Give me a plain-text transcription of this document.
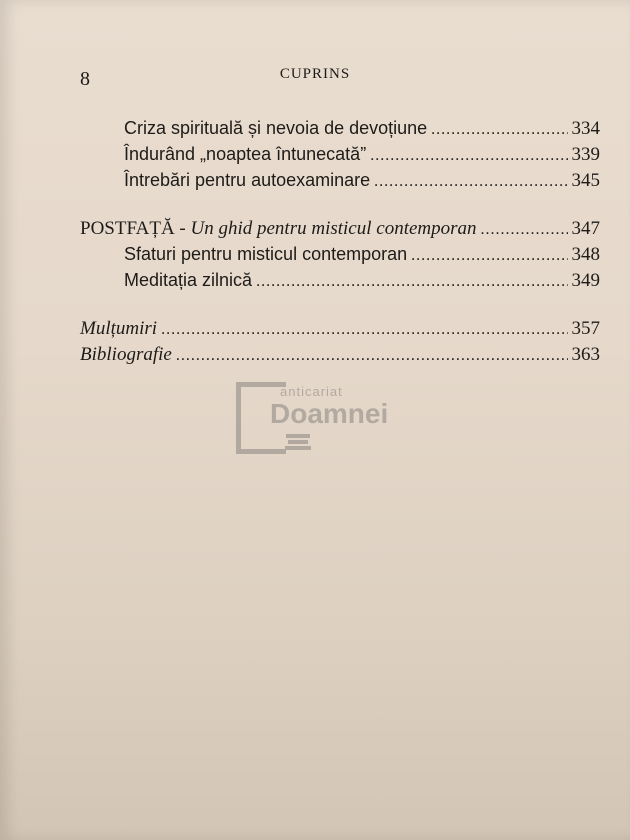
8	CUPRINS
Criza spirituală și nevoia de devoțiune .....	334
Îndurând „noaptea întunecată” .....	339
Întrebări pentru autoexaminare .....	345
POSTFAȚĂ - Un ghid pentru misticul contemporan .....	347
Sfaturi pentru misticul contemporan .....	348
Meditația zilnică .....	349
Mulțumiri .....	357
Bibliografie .....	363
anticariat
Doamnei
